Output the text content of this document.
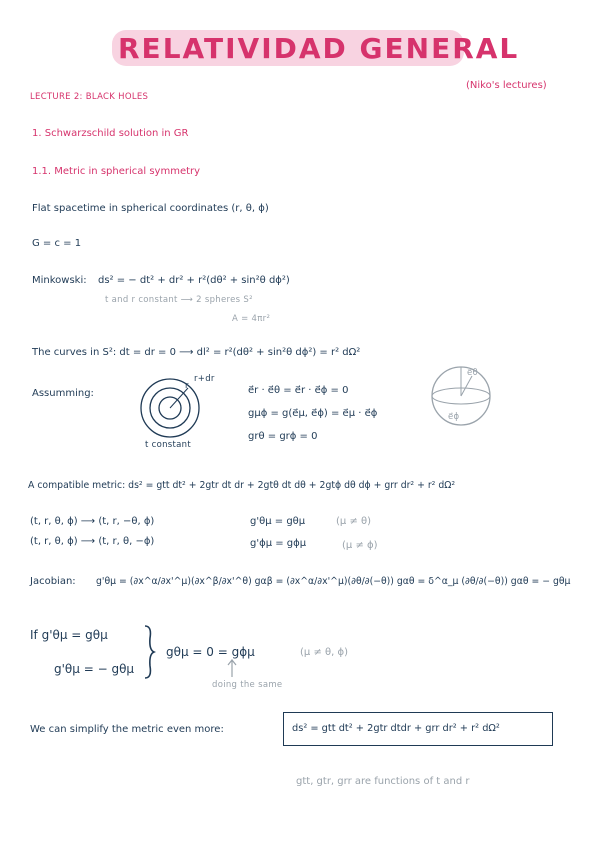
RELATIVIDAD GENERAL
(Niko's lectures)
LECTURE 2: BLACK HOLES
1. Schwarzschild solution in GR
1.1. Metric in spherical symmetry
Flat spacetime in spherical coordinates (r, θ, ϕ)
G = c = 1
Minkowski: ds² = − dt² + dr² + r²(dθ² + sin²θ dϕ²)
t and r constant ⟶ 2 spheres S²
A = 4πr²
The curves in S²: dt = dr = 0 ⟶ dl² = r²(dθ² + sin²θ dϕ²) = r² dΩ²
Assumming:
r
r+dr
t constant
e⃗r · e⃗θ = e⃗r · e⃗ϕ = 0
gμϕ = g(e⃗μ, e⃗ϕ) = e⃗μ · e⃗ϕ
grθ = grϕ = 0
e⃗θ
e⃗ϕ
A compatible metric: ds² = gtt dt² + 2gtr dt dr + 2gtθ dt dθ + 2gtϕ dθ dϕ + grr dr² + r² dΩ²
(t, r, θ, ϕ) ⟶ (t, r, −θ, ϕ)
(t, r, θ, ϕ) ⟶ (t, r, θ, −ϕ)
g'θμ = gθμ
g'ϕμ = gϕμ
(μ ≠ θ)
(μ ≠ ϕ)
Jacobian: g'θμ = (∂x^α/∂x'^μ)(∂x^β/∂x'^θ) gαβ = (∂x^α/∂x'^μ)(∂θ/∂(−θ)) gαθ = δ^α_μ (∂θ/∂(−θ)) gαθ = − gθμ
If g'θμ = gθμ
g'θμ = − gθμ
gθμ = 0 = gϕμ	(μ ≠ θ, ϕ)
doing the same
We can simplify the metric even more:	ds² = gtt dt² + 2gtr dtdr + grr dr² + r² dΩ²
gtt, gtr, grr are functions of t and r
